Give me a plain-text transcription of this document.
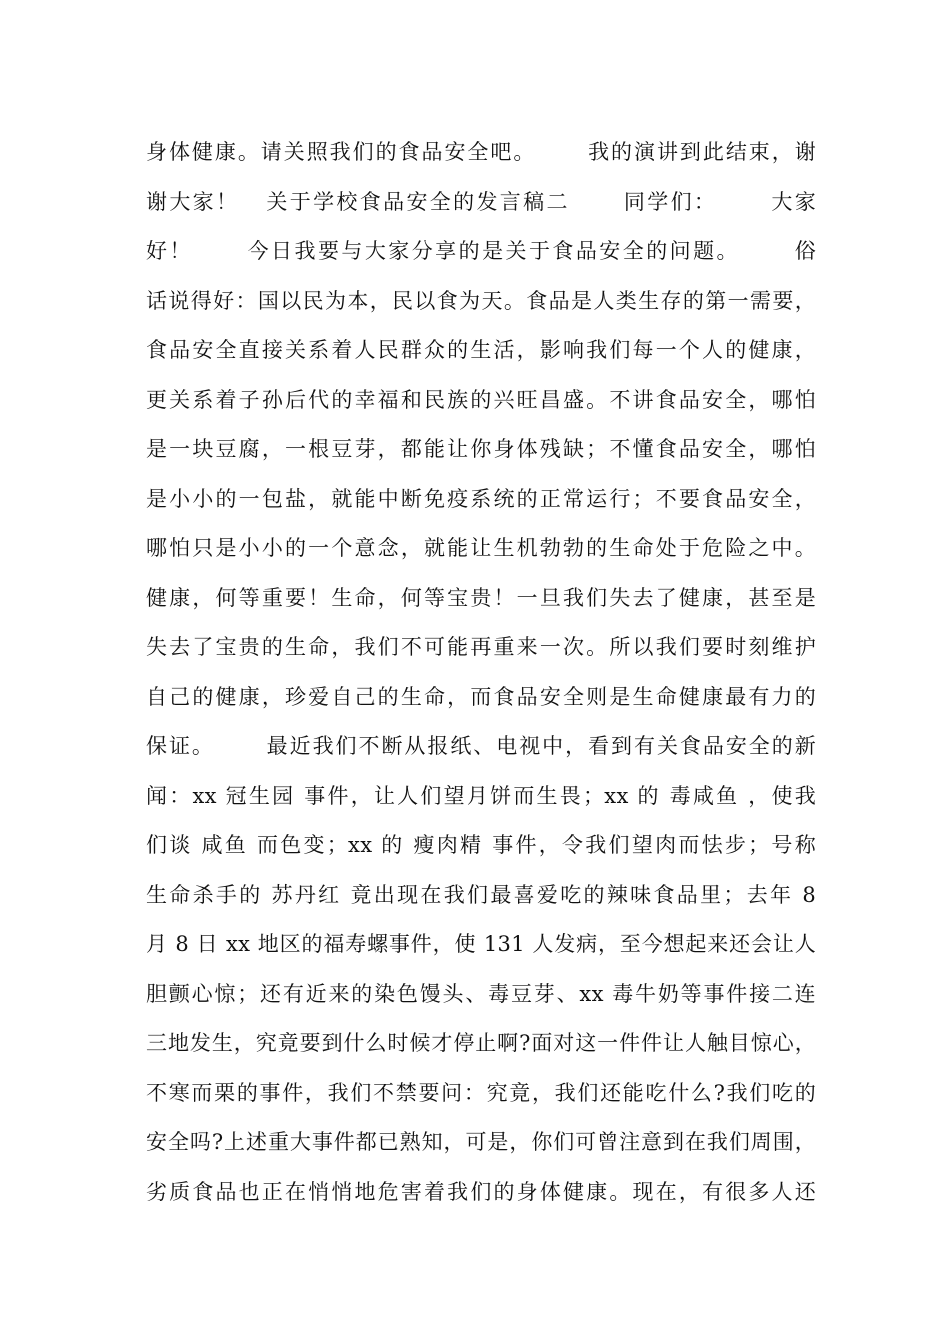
身体健康。请关照我们的食品安全吧。      我的演讲到此结束，谢
谢大家！   关于学校食品安全的发言稿二      同学们：      大家
好！      今日我要与大家分享的是关于食品安全的问题。      俗
话说得好：国以民为本，民以食为天。食品是人类生存的第一需要，
食品安全直接关系着人民群众的生活，影响我们每一个人的健康，
更关系着子孙后代的幸福和民族的兴旺昌盛。不讲食品安全，哪怕
是一块豆腐，一根豆芽，都能让你身体残缺；不懂食品安全，哪怕
是小小的一包盐，就能中断免疫系统的正常运行；不要食品安全，
哪怕只是小小的一个意念，就能让生机勃勃的生命处于危险之中。
健康，何等重要！生命，何等宝贵！一旦我们失去了健康，甚至是
失去了宝贵的生命，我们不可能再重来一次。所以我们要时刻维护
自己的健康，珍爱自己的生命，而食品安全则是生命健康最有力的
保证。      最近我们不断从报纸、电视中，看到有关食品安全的新
闻：xx 冠生园 事件，让人们望月饼而生畏；xx 的 毒咸鱼 ，使我
们谈 咸鱼 而色变；xx 的 瘦肉精 事件，令我们望肉而怯步；号称
生命杀手的 苏丹红 竟出现在我们最喜爱吃的辣味食品里；去年 8
月 8 日 xx 地区的福寿螺事件，使 131 人发病，至今想起来还会让人
胆颤心惊；还有近来的染色馒头、毒豆芽、xx 毒牛奶等事件接二连
三地发生，究竟要到什么时候才停止啊?面对这一件件让人触目惊心，
不寒而栗的事件，我们不禁要问：究竟，我们还能吃什么?我们吃的
安全吗?上述重大事件都已熟知，可是，你们可曾注意到在我们周围，
劣质食品也正在悄悄地危害着我们的身体健康。现在，有很多人还
